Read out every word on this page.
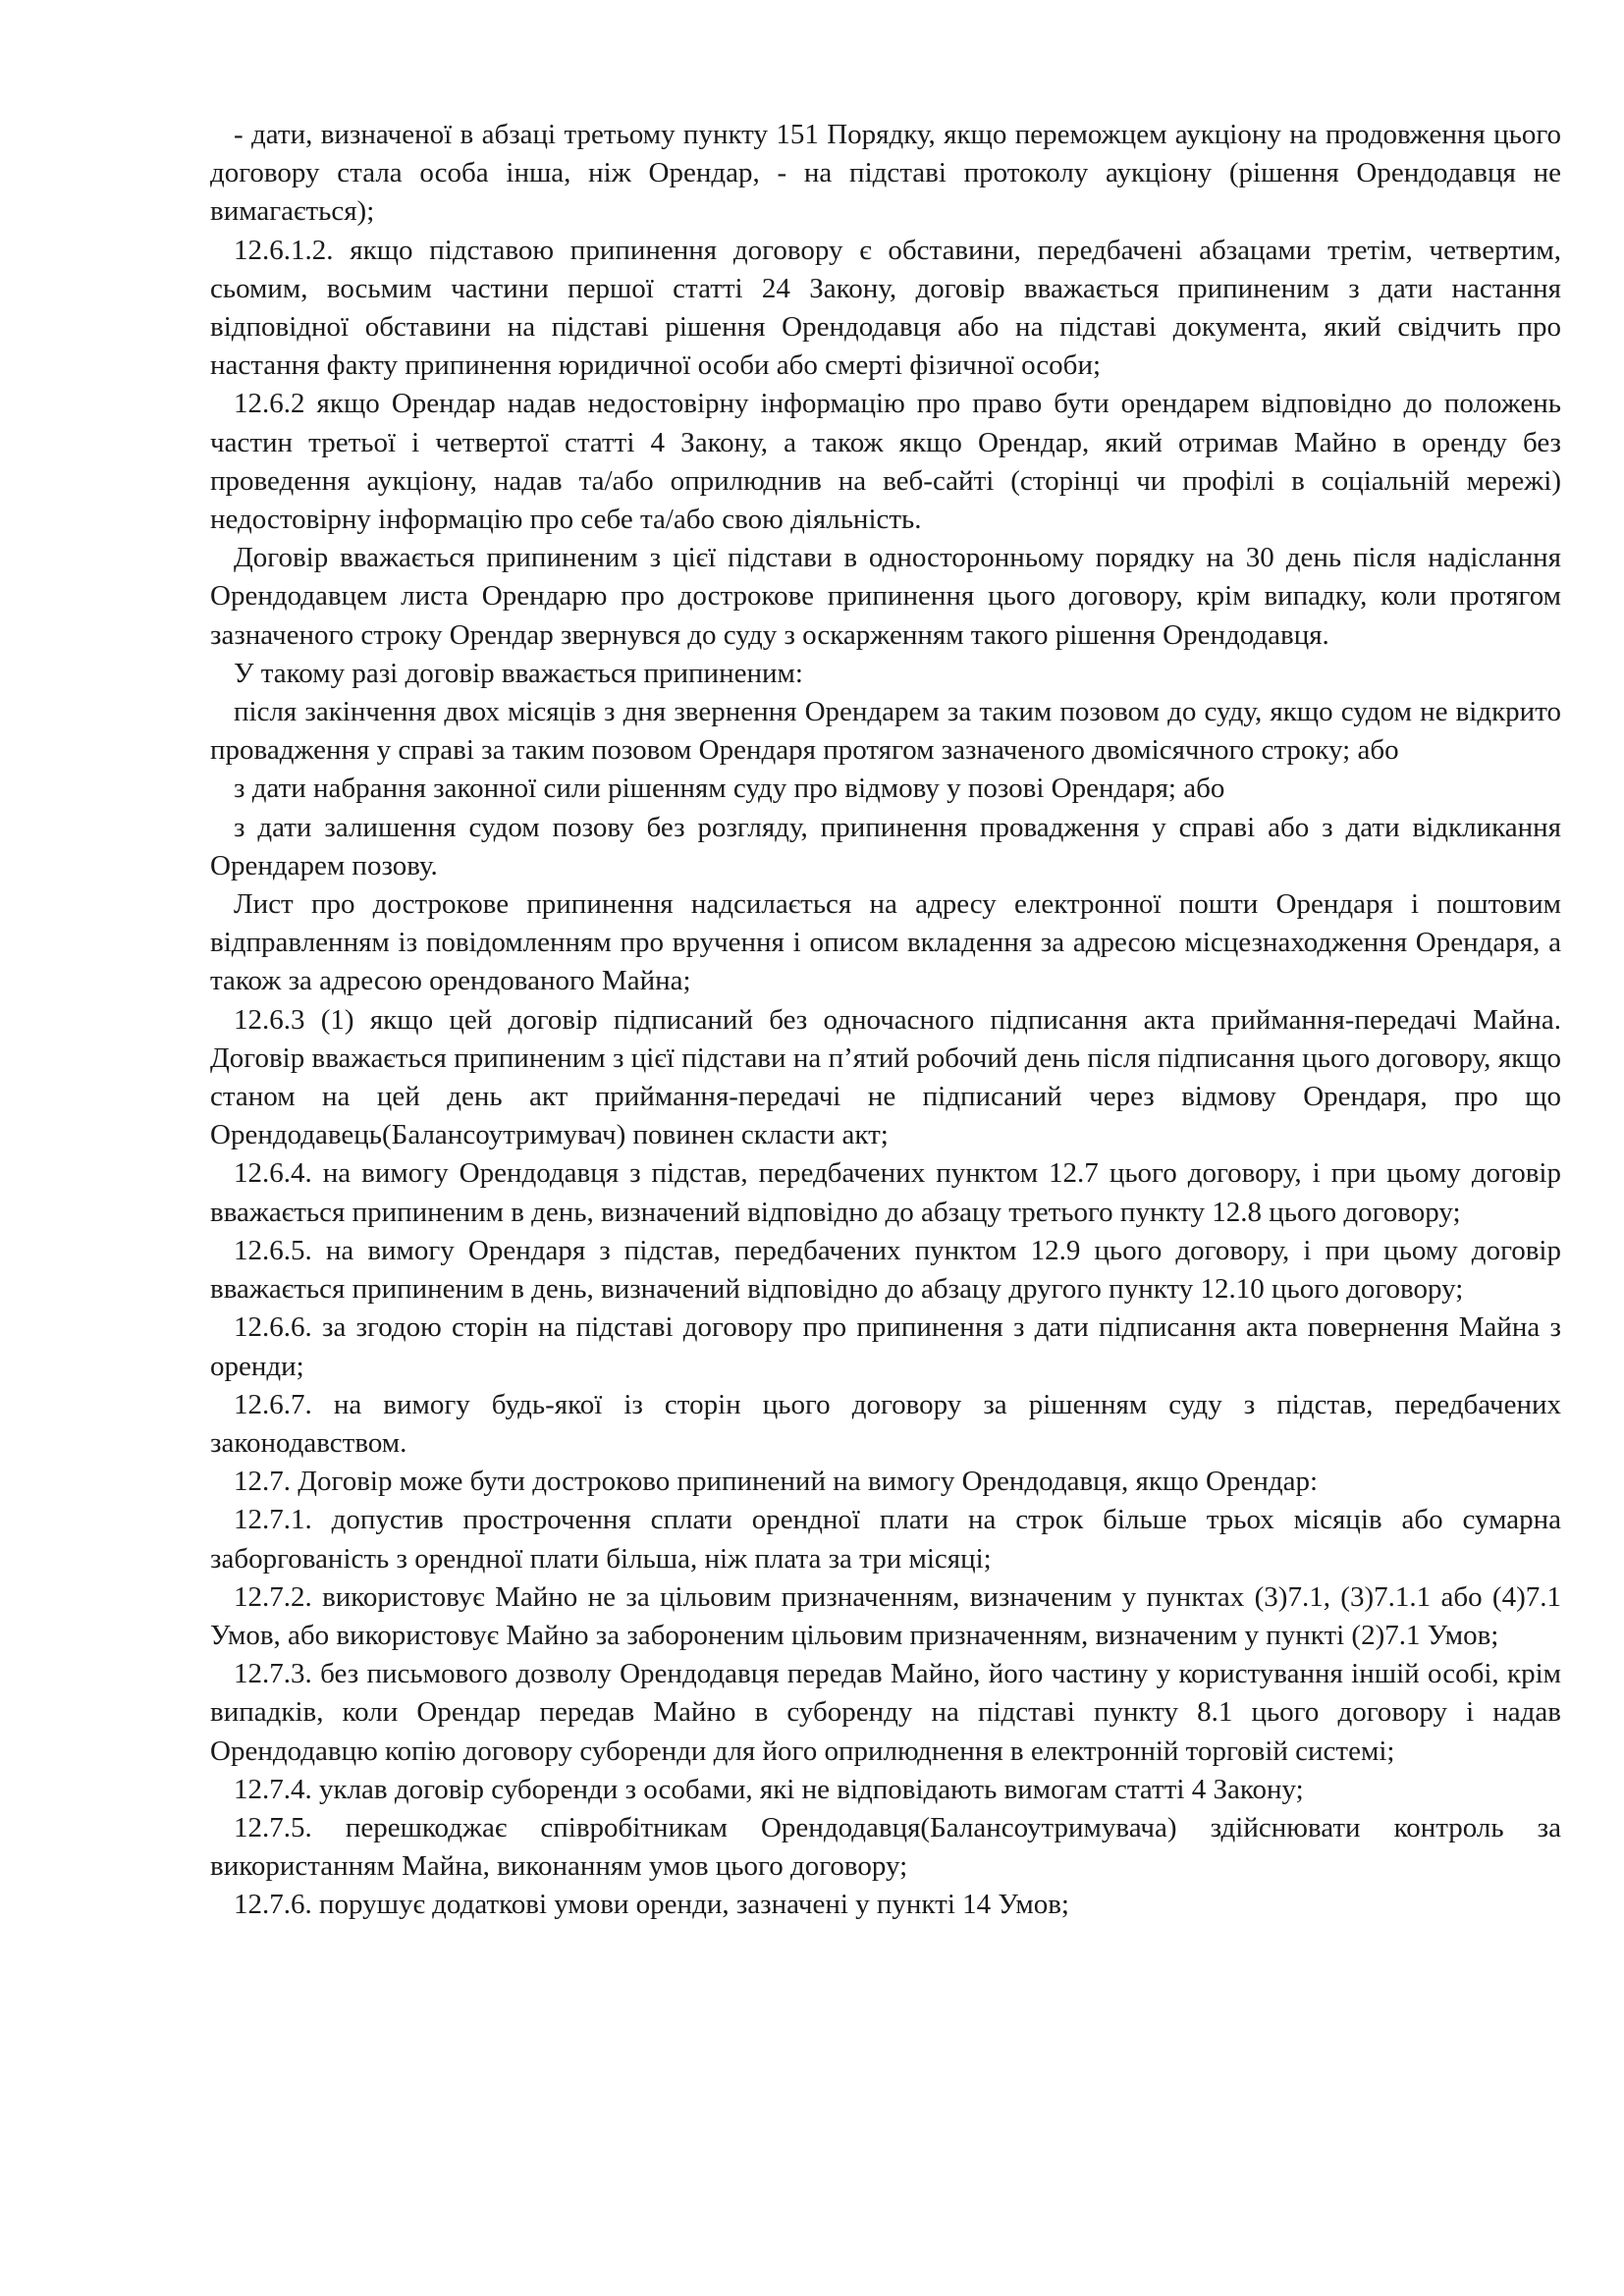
- дати, визначеної в абзаці третьому пункту 151 Порядку, якщо переможцем аукціону на продовження цього договору стала особа інша, ніж Орендар, - на підставі протоколу аукціону (рішення Орендодавця не вимагається);

12.6.1.2. якщо підставою припинення договору є обставини, передбачені абзацами третім, четвертим, сьомим, восьмим частини першої статті 24 Закону, договір вважається припиненим з дати настання відповідної обставини на підставі рішення Орендодавця або на підставі документа, який свідчить про настання факту припинення юридичної особи або смерті фізичної особи;

12.6.2 якщо Орендар надав недостовірну інформацію про право бути орендарем відповідно до положень частин третьої і четвертої статті 4 Закону, а також якщо Орендар, який отримав Майно в оренду без проведення аукціону, надав та/або оприлюднив на веб-сайті (сторінці чи профілі в соціальній мережі) недостовірну інформацію про себе та/або свою діяльність.

Договір вважається припиненим з цієї підстави в односторонньому порядку на 30 день після надіслання Орендодавцем листа Орендарю про дострокове припинення цього договору, крім випадку, коли протягом зазначеного строку Орендар звернувся до суду з оскарженням такого рішення Орендодавця.

У такому разі договір вважається припиненим:

після закінчення двох місяців з дня звернення Орендарем за таким позовом до суду, якщо судом не відкрито провадження у справі за таким позовом Орендаря протягом зазначеного двомісячного строку; або

з дати набрання законної сили рішенням суду про відмову у позові Орендаря; або

з дати залишення судом позову без розгляду, припинення провадження у справі або з дати відкликання Орендарем позову.

Лист про дострокове припинення надсилається на адресу електронної пошти Орендаря і поштовим відправленням із повідомленням про вручення і описом вкладення за адресою місцезнаходження Орендаря, а також за адресою орендованого Майна;

12.6.3 (1) якщо цей договір підписаний без одночасного підписання акта приймання-передачі Майна. Договір вважається припиненим з цієї підстави на п’ятий робочий день після підписання цього договору, якщо станом на цей день акт приймання-передачі не підписаний через відмову Орендаря, про що Орендодавець(Балансоутримувач) повинен скласти акт;

12.6.4. на вимогу Орендодавця з підстав, передбачених пунктом 12.7 цього договору, і при цьому договір вважається припиненим в день, визначений відповідно до абзацу третього пункту 12.8 цього договору;

12.6.5. на вимогу Орендаря з підстав, передбачених пунктом 12.9 цього договору, і при цьому договір вважається припиненим в день, визначений відповідно до абзацу другого пункту 12.10 цього договору;

12.6.6. за згодою сторін на підставі договору про припинення з дати підписання акта повернення Майна з оренди;

12.6.7. на вимогу будь-якої із сторін цього договору за рішенням суду з підстав, передбачених законодавством.

12.7. Договір може бути достроково припинений на вимогу Орендодавця, якщо Орендар:

12.7.1. допустив прострочення сплати орендної плати на строк більше трьох місяців або сумарна заборгованість з орендної плати більша, ніж плата за три місяці;

12.7.2. використовує Майно не за цільовим призначенням, визначеним у пунктах (3)7.1, (3)7.1.1 або (4)7.1 Умов, або використовує Майно за забороненим цільовим призначенням, визначеним у пункті (2)7.1 Умов;

12.7.3. без письмового дозволу Орендодавця передав Майно, його частину у користування іншій особі, крім випадків, коли Орендар передав Майно в суборенду на підставі пункту 8.1 цього договору і надав Орендодавцю копію договору суборенди для його оприлюднення в електронній торговій системі;

12.7.4. уклав договір суборенди з особами, які не відповідають вимогам статті 4 Закону;

12.7.5. перешкоджає співробітникам Орендодавця(Балансоутримувача) здійснювати контроль за використанням Майна, виконанням умов цього договору;

12.7.6. порушує додаткові умови оренди, зазначені у пункті 14 Умов;
